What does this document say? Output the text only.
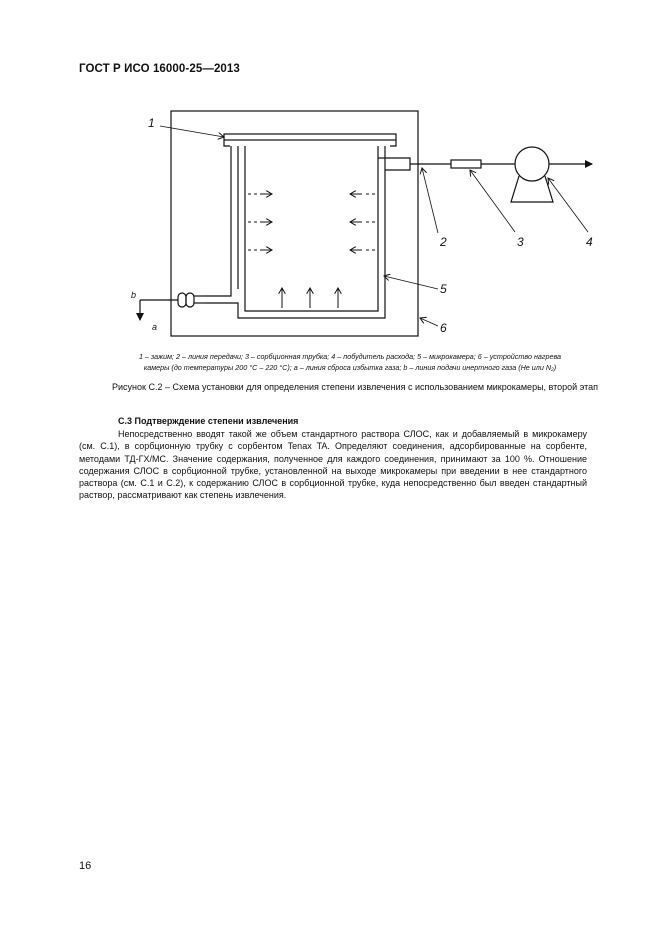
ГОСТ Р ИСО 16000-25—2013
1
2	3	4
5
6
a
b
1 – зажим; 2 – линия передачи; 3 – сорбционная трубка; 4 – побудитель расхода; 5 – микрокамера; 6 – устройство нагрева
камеры (до температуры 200 °С – 220 °С); a – линия сброса избытка газа; b – линия подачи инертного газа (Не или N₂)
Рисунок С.2 – Схема установки для определения степени извлечения с использованием микрокамеры, второй этап
С.3 Подтверждение степени извлечения

Непосредственно вводят такой же объем стандартного раствора СЛОС, как и добавляемый в микрокамеру (см. С.1), в сорбционную трубку с сорбентом Tenax TA. Определяют соединения, адсорбированные на сорбенте, методами ТД-ГХ/МС. Значение содержания, полученное для каждого соединения, принимают за 100 %. Отношение содержания СЛОС в сорбционной трубке, установленной на выходе микрокамеры при введении в нее стандартного раствора (см. С.1 и С.2), к содержанию СЛОС в сорбционной трубке, куда непосредственно был введен стандартный раствор, рассматривают как степень извлечения.

16
